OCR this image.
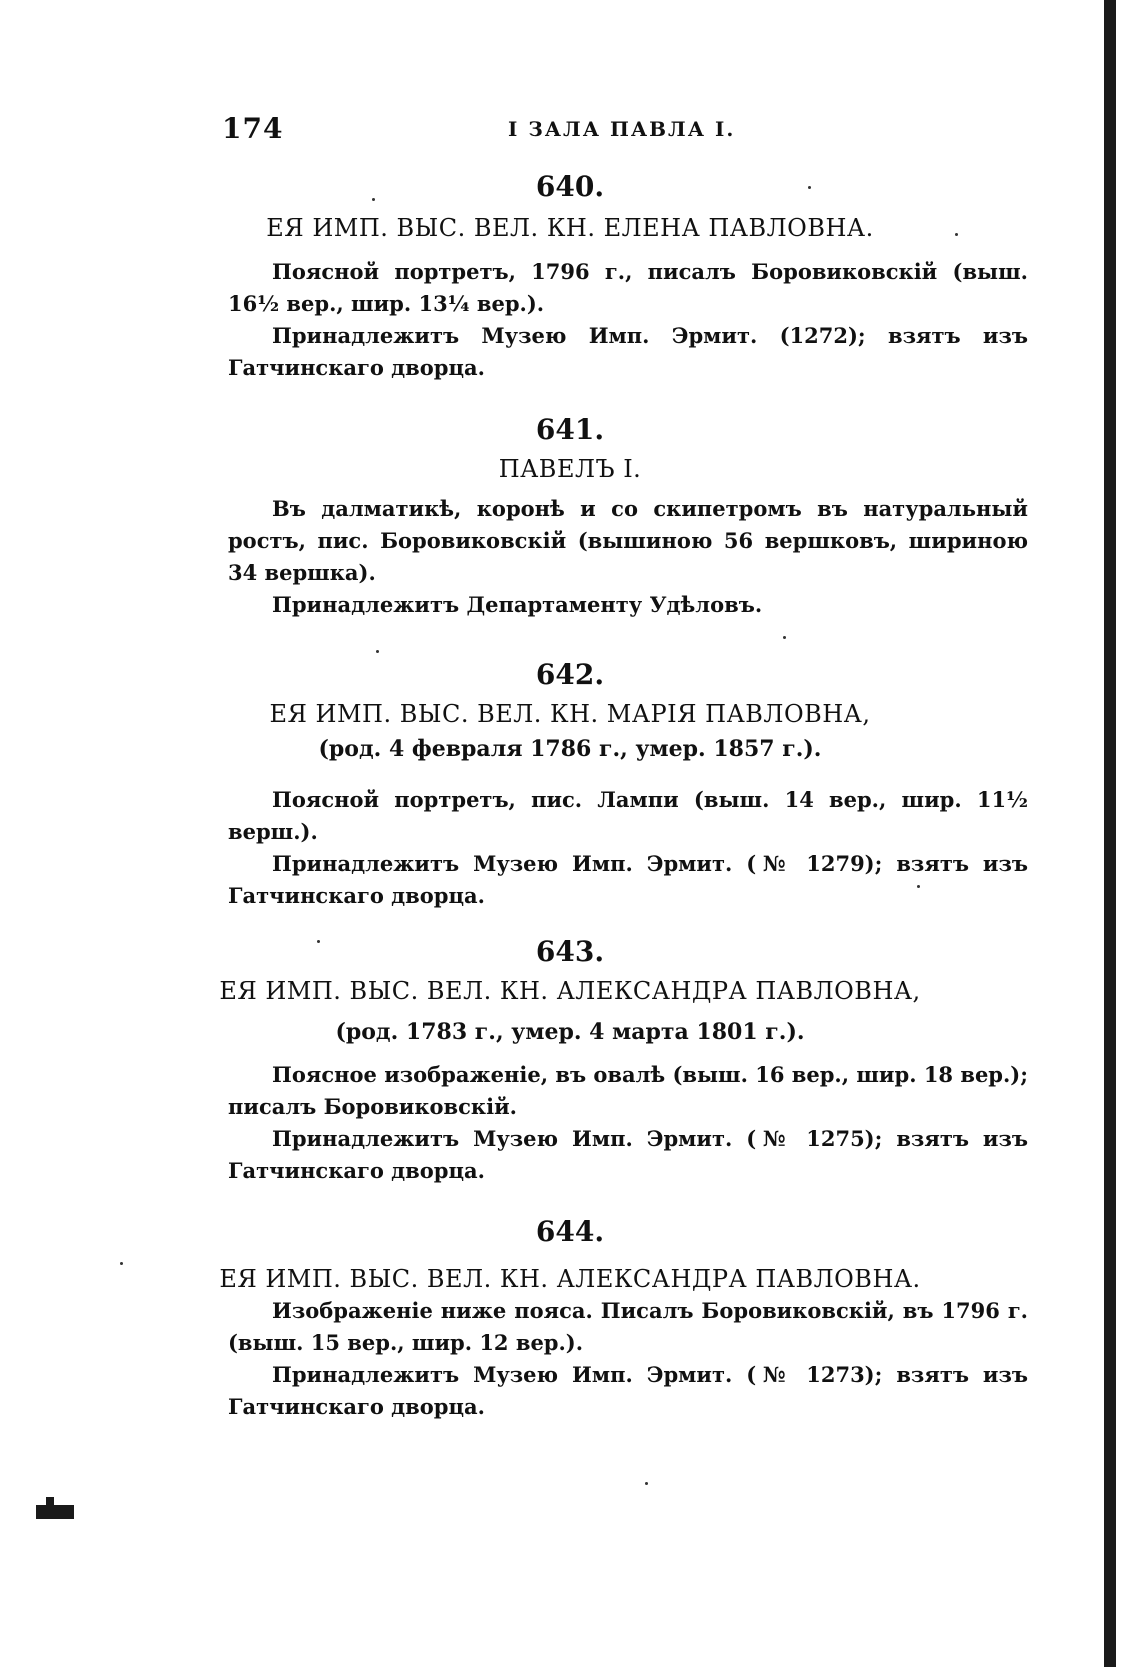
174	I ЗАЛА ПАВЛА I.
640.
ЕЯ ИМП. ВЫС. ВЕЛ. КН. ЕЛЕНА ПАВЛОВНА.

Поясной портретъ, 1796 г., писалъ Боровиковскій (выш. 16½ вер., шир. 13¼ вер.).

Принадлежитъ Музею Имп. Эрмит. (1272); взятъ изъ Гатчинскаго дворца.

641.
ПАВЕЛЪ I.

Въ далматикѣ, коронѣ и со скипетромъ въ натуральный ростъ, пис. Боровиковскій (вышиною 56 вершковъ, шириною 34 вершка).

Принадлежитъ Департаменту Удѣловъ.

642.
ЕЯ ИМП. ВЫС. ВЕЛ. КН. МАРІЯ ПАВЛОВНА,
(род. 4 февраля 1786 г., умер. 1857 г.).

Поясной портретъ, пис. Лампи (выш. 14 вер., шир. 11½ верш.).

Принадлежитъ Музею Имп. Эрмит. (№ 1279); взятъ изъ Гатчинскаго дворца.

643.
ЕЯ ИМП. ВЫС. ВЕЛ. КН. АЛЕКСАНДРА ПАВЛОВНА,
(род. 1783 г., умер. 4 марта 1801 г.).

Поясное изображеніе, въ овалѣ (выш. 16 вер., шир. 18 вер.); писалъ Боровиковскій.

Принадлежитъ Музею Имп. Эрмит. (№ 1275); взятъ изъ Гатчинскаго дворца.

644.
ЕЯ ИМП. ВЫС. ВЕЛ. КН. АЛЕКСАНДРА ПАВЛОВНА.

Изображеніе ниже пояса. Писалъ Боровиковскій, въ 1796 г. (выш. 15 вер., шир. 12 вер.).

Принадлежитъ Музею Имп. Эрмит. (№ 1273); взятъ изъ Гатчинскаго дворца.
